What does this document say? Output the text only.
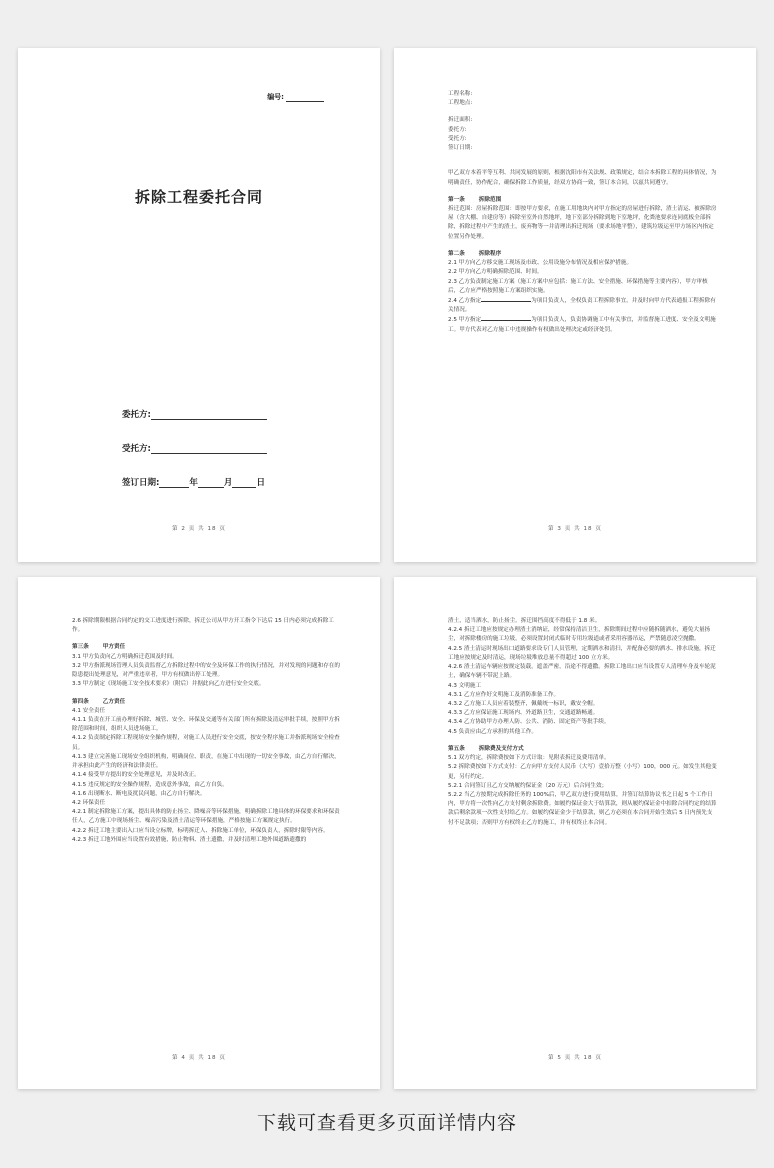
编号:
拆除工程委托合同
委托方:
受托方:
签订日期:	年	月	日
第 2 页 共 18 页

工程名称:

工程地点:

拆迁面积:

委托方:

受托方:

签订日期:

甲乙双方本着平等互利、共同发展的原则，根据沈阳市有关法规、政策规定，结合本拆除工程的具体情况，为明确责任，协作配合，确保拆除工作质量，经双方协商一致，签订本合同，以兹共同遵守。

第一条	拆除范围

拆迁范围：房屋拆除范围：即按甲方要求，在施工用地块内对甲方指定的房屋进行拆除，渣土清运、被拆除房屋（含大棚、自建房等）拆除至室外自然地坪，地下室部分拆除到地下室地坪，化粪池要求连同底板全部拆除，拆除过程中产生的渣土，废弃物等一并清理出拆迁现场（要求场地平整），建筑垃圾运至甲方场区内指定位置另作处理。

第二条	拆除程序

2.1 甲方向乙方移交施工现场及市政、公用设施分布情况及相应保护措施。

2.2 甲方向乙方明确拆除范围、时间。

2.3 乙方负责制定施工方案（施工方案中应包括：施工方法、安全措施、环保措施等主要内容），甲方审核后，乙方应严格按照施工方案组织实施。

2.4 乙方指定	为项目负责人，全权负责工程拆除事宜，并及时向甲方代表通报工程拆除有关情况。

2.5 甲方指定	为项目负责人，负责协调施工中有关事宜，并监督施工进度、安全及文明施工。甲方代表对乙方施工中违规操作有权做出处理决定或经济处罚。

第 3 页 共 18 页

2.6 拆除期限根据合同约定的交工进度进行拆除，拆迁公司从甲方开工指令下达后 15 日内必须完成拆除工作。

第三条	甲方责任

3.1 甲方负责向乙方明确拆迁范围及时间。

3.2 甲方指派现场管理人员负责监督乙方拆除过程中的安全及环保工作的执行情况，并对发现的问题和存在的隐患提出处理意见，对严重违章者，甲方有权做出停工处理。

3.3 甲方制定《现场施工安全技术要求》（附后）并据此向乙方进行安全交底。

第四条	乙方责任

4.1 安全责任

4.1.1 负责在开工前办理好拆除、城管、安全、环保及交通等有关部门所有拆除及清运审批手续，按照甲方拆除范围和时间，组织人员进场施工。

4.1.2 负责制定拆除工程现场安全操作规程，对施工人员进行安全交底，按安全程序施工并指派现场安全检查员。

4.1.3 建立完善施工现场安全组织机构，明确岗位、职责，在施工中出现的一切安全事故，由乙方自行解决，并承担由此产生的经济和法律责任。

4.1.4 接受甲方提出的安全处理意见，并及时改正。

4.1.5 违反规定的安全操作规程，造成意外事故，由乙方自负。

4.1.6 出现断水、断电及扰民问题，由乙方自行解决。

4.2 环保责任

4.2.1 制定拆除施工方案，提出具体的防止扬尘、降噪音等环保措施，明确拆除工地具体的环保要求和环保责任人，乙方施工中现场扬尘、噪音污染及渣土清运等环保措施，严格按施工方案规定执行。

4.2.2 拆迁工地主要出入口应当设立标牌，标明拆迁人、拆除施工单位，环保负责人，拆除时限等内容。

4.2.3 拆迁工地外围应当设置有效措施，防止物料、渣土遗撒，并及时清理工地外围道路遗撒的

第 4 页 共 18 页

渣土，适当洒水，防止扬尘。拆迁围挡高度不得低于 1.8 米。

4.2.4 拆迁工地应按规定办理渣土消纳证，经常保持清洁卫生，拆除期间过程中应随拆随洒水，避免大量扬尘，对拆除楼房的施工垃圾，必须设置封闭式临时专用垃圾道或者采用容器吊运，严禁随意凌空抛撒。

4.2.5 渣土清运时现场出口道路要求设专门人员管理，定期洒水和清扫，并配备必要的洒水、排水设施，拆迁工地应按规定及时清运，现场垃圾堆放总量不得超过 100 立方米。

4.2.6 渣土清运车辆应按规定装载，遮盖严密，沿途不得遗撒。拆除工地出口应当设置专人清理车身及车轮泥土，确保车辆不带泥上路。

4.3 文明施工

4.3.1 乙方应作好文明施工及消防准备工作。

4.3.2 乙方施工人员应着装整齐，佩戴统一标识，戴安全帽。

4.3.3 乙方应保证施工现场内、外道路卫生，交通道路畅通。

4.3.4 乙方协助甲方办理人防、公共、消防、固定资产等批手续。

4.5 负责应由乙方承担的其他工作。

第五条	拆除费及支付方式

5.1 双方约定，拆除费按如下方式计取：见附表拆迁及费用清单。

5.2 拆除费按如下方式支付：乙方向甲方支付人民币（大写）壹拾万整（小写）100，000 元。如发生其他变更，另行约定。

5.2.1 合同签订且乙方交纳履约保证金（20 万元）后合同生效；

5.2.2 当乙方按期完成拆除任务的 100%后，甲乙双方进行费用结算，并签订结算协议书之日起 5 个工作日内，甲方将一次性向乙方支付剩余拆除费。如履约保证金大于结算款，则从履约保证金中扣除合同约定的结算款后剩余款项一次性支付给乙方。如履约保证金少于结算款，则乙方必须在本合同开始生效后 5 日内预先支付不足款项；否则甲方有权终止乙方的施工，并有权终止本合同。

第 5 页 共 18 页
下载可查看更多页面详情内容
